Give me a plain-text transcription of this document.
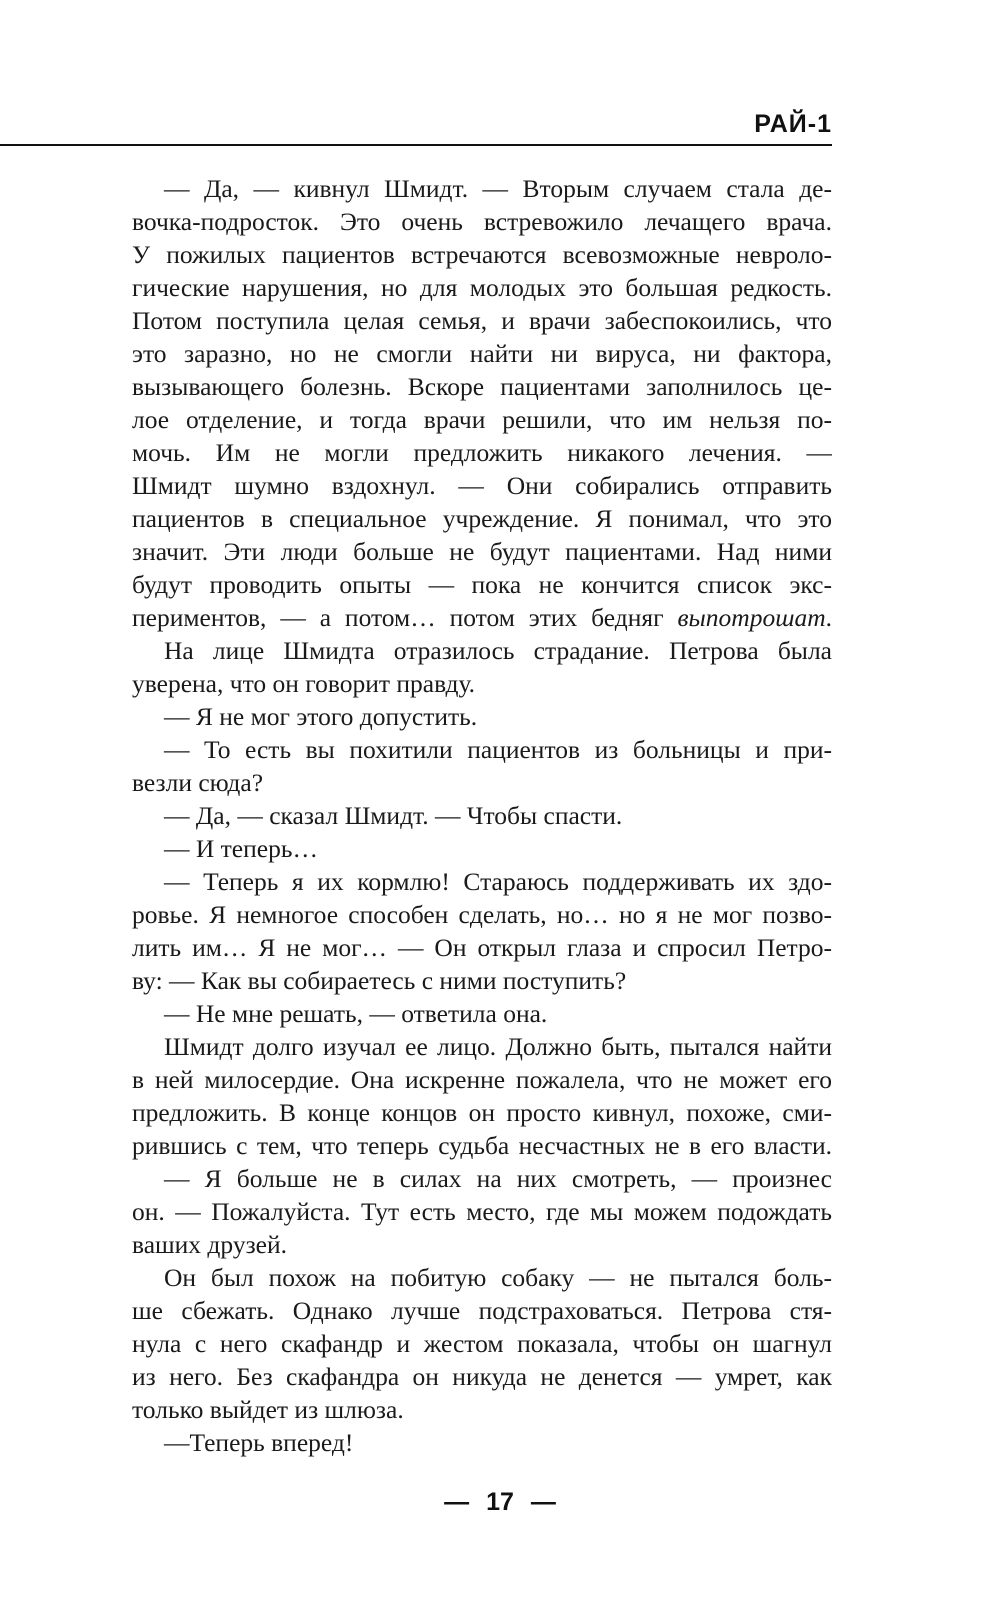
РАЙ-1
— Да, — кивнул Шмидт. — Вторым случаем стала де-
вочка-подросток. Это очень встревожило лечащего врача.
У пожилых пациентов встречаются всевозможные невроло-
гические нарушения, но для молодых это большая редкость.
Потом поступила целая семья, и врачи забеспокоились, что
это заразно, но не смогли найти ни вируса, ни фактора,
вызывающего болезнь. Вскоре пациентами заполнилось це-
лое отделение, и тогда врачи решили, что им нельзя по-
мочь. Им не могли предложить никакого лечения. —
Шмидт шумно вздохнул. — Они собирались отправить
пациентов в специальное учреждение. Я понимал, что это
значит. Эти люди больше не будут пациентами. Над ними
будут проводить опыты — пока не кончится список экс-
периментов, — а потом… потом этих бедняг выпотрошат.
На лице Шмидта отразилось страдание. Петрова была
уверена, что он говорит правду.
— Я не мог этого допустить.
— То есть вы похитили пациентов из больницы и при-
везли сюда?
— Да, — сказал Шмидт. — Чтобы спасти.
— И теперь…
— Теперь я их кормлю! Стараюсь поддерживать их здо-
ровье. Я немногое способен сделать, но… но я не мог позво-
лить им… Я не мог… — Он открыл глаза и спросил Петро-
ву: — Как вы собираетесь с ними поступить?
— Не мне решать, — ответила она.
Шмидт долго изучал ее лицо. Должно быть, пытался найти
в ней милосердие. Она искренне пожалела, что не может его
предложить. В конце концов он просто кивнул, похоже, сми-
рившись с тем, что теперь судьба несчастных не в его власти.
— Я больше не в силах на них смотреть, — произнес
он. — Пожалуйста. Тут есть место, где мы можем подождать
ваших друзей.
Он был похож на побитую собаку — не пытался боль-
ше сбежать. Однако лучше подстраховаться. Петрова стя-
нула с него скафандр и жестом показала, чтобы он шагнул
из него. Без скафандра он никуда не денется — умрет, как
только выйдет из шлюза.
—Теперь вперед!
— 17 —
